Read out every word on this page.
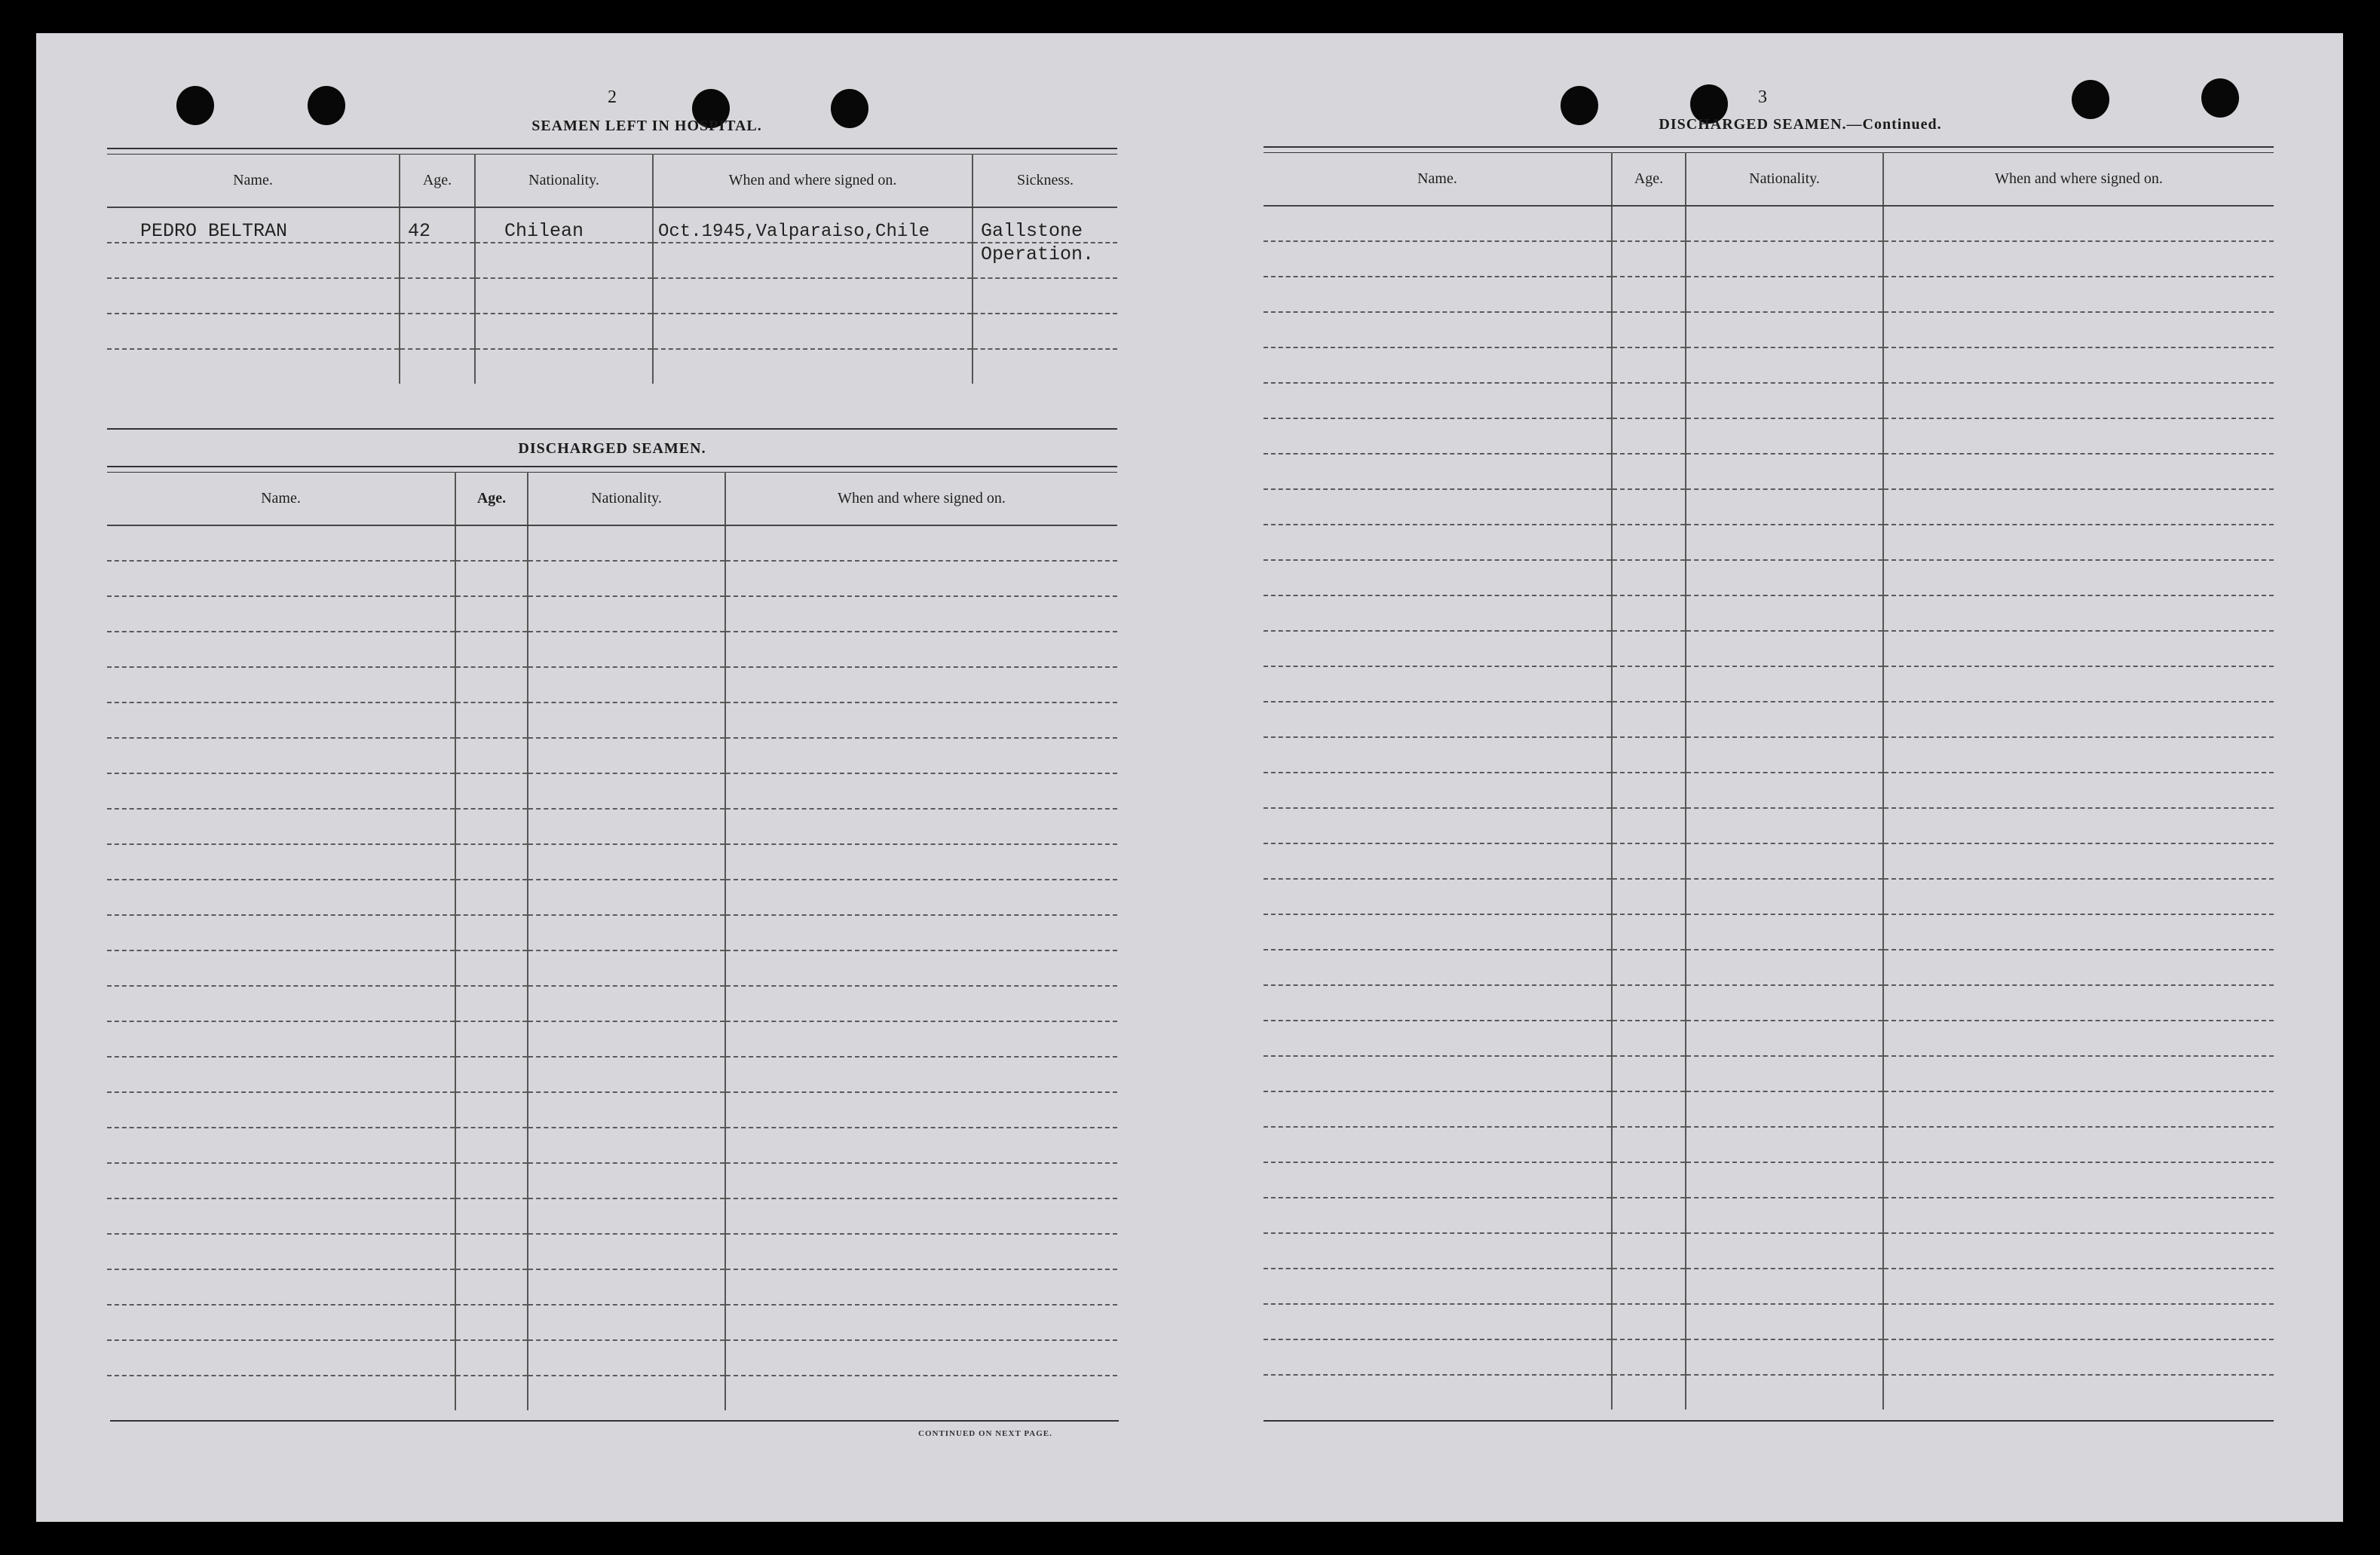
2
SEAMEN LEFT IN HOSPITAL.
Name.	Age.	Nationality.	When and where signed on.	Sickness.
PEDRO BELTRAN	42	Chilean	Oct.1945,Valparaiso,Chile	Gallstone
				Operation.

DISCHARGED SEAMEN.
Name.	Age.	Nationality.	When and where signed on.

CONTINUED ON NEXT PAGE.
3
DISCHARGED SEAMEN.—Continued.
Name.	Age.	Nationality.	When and where signed on.
